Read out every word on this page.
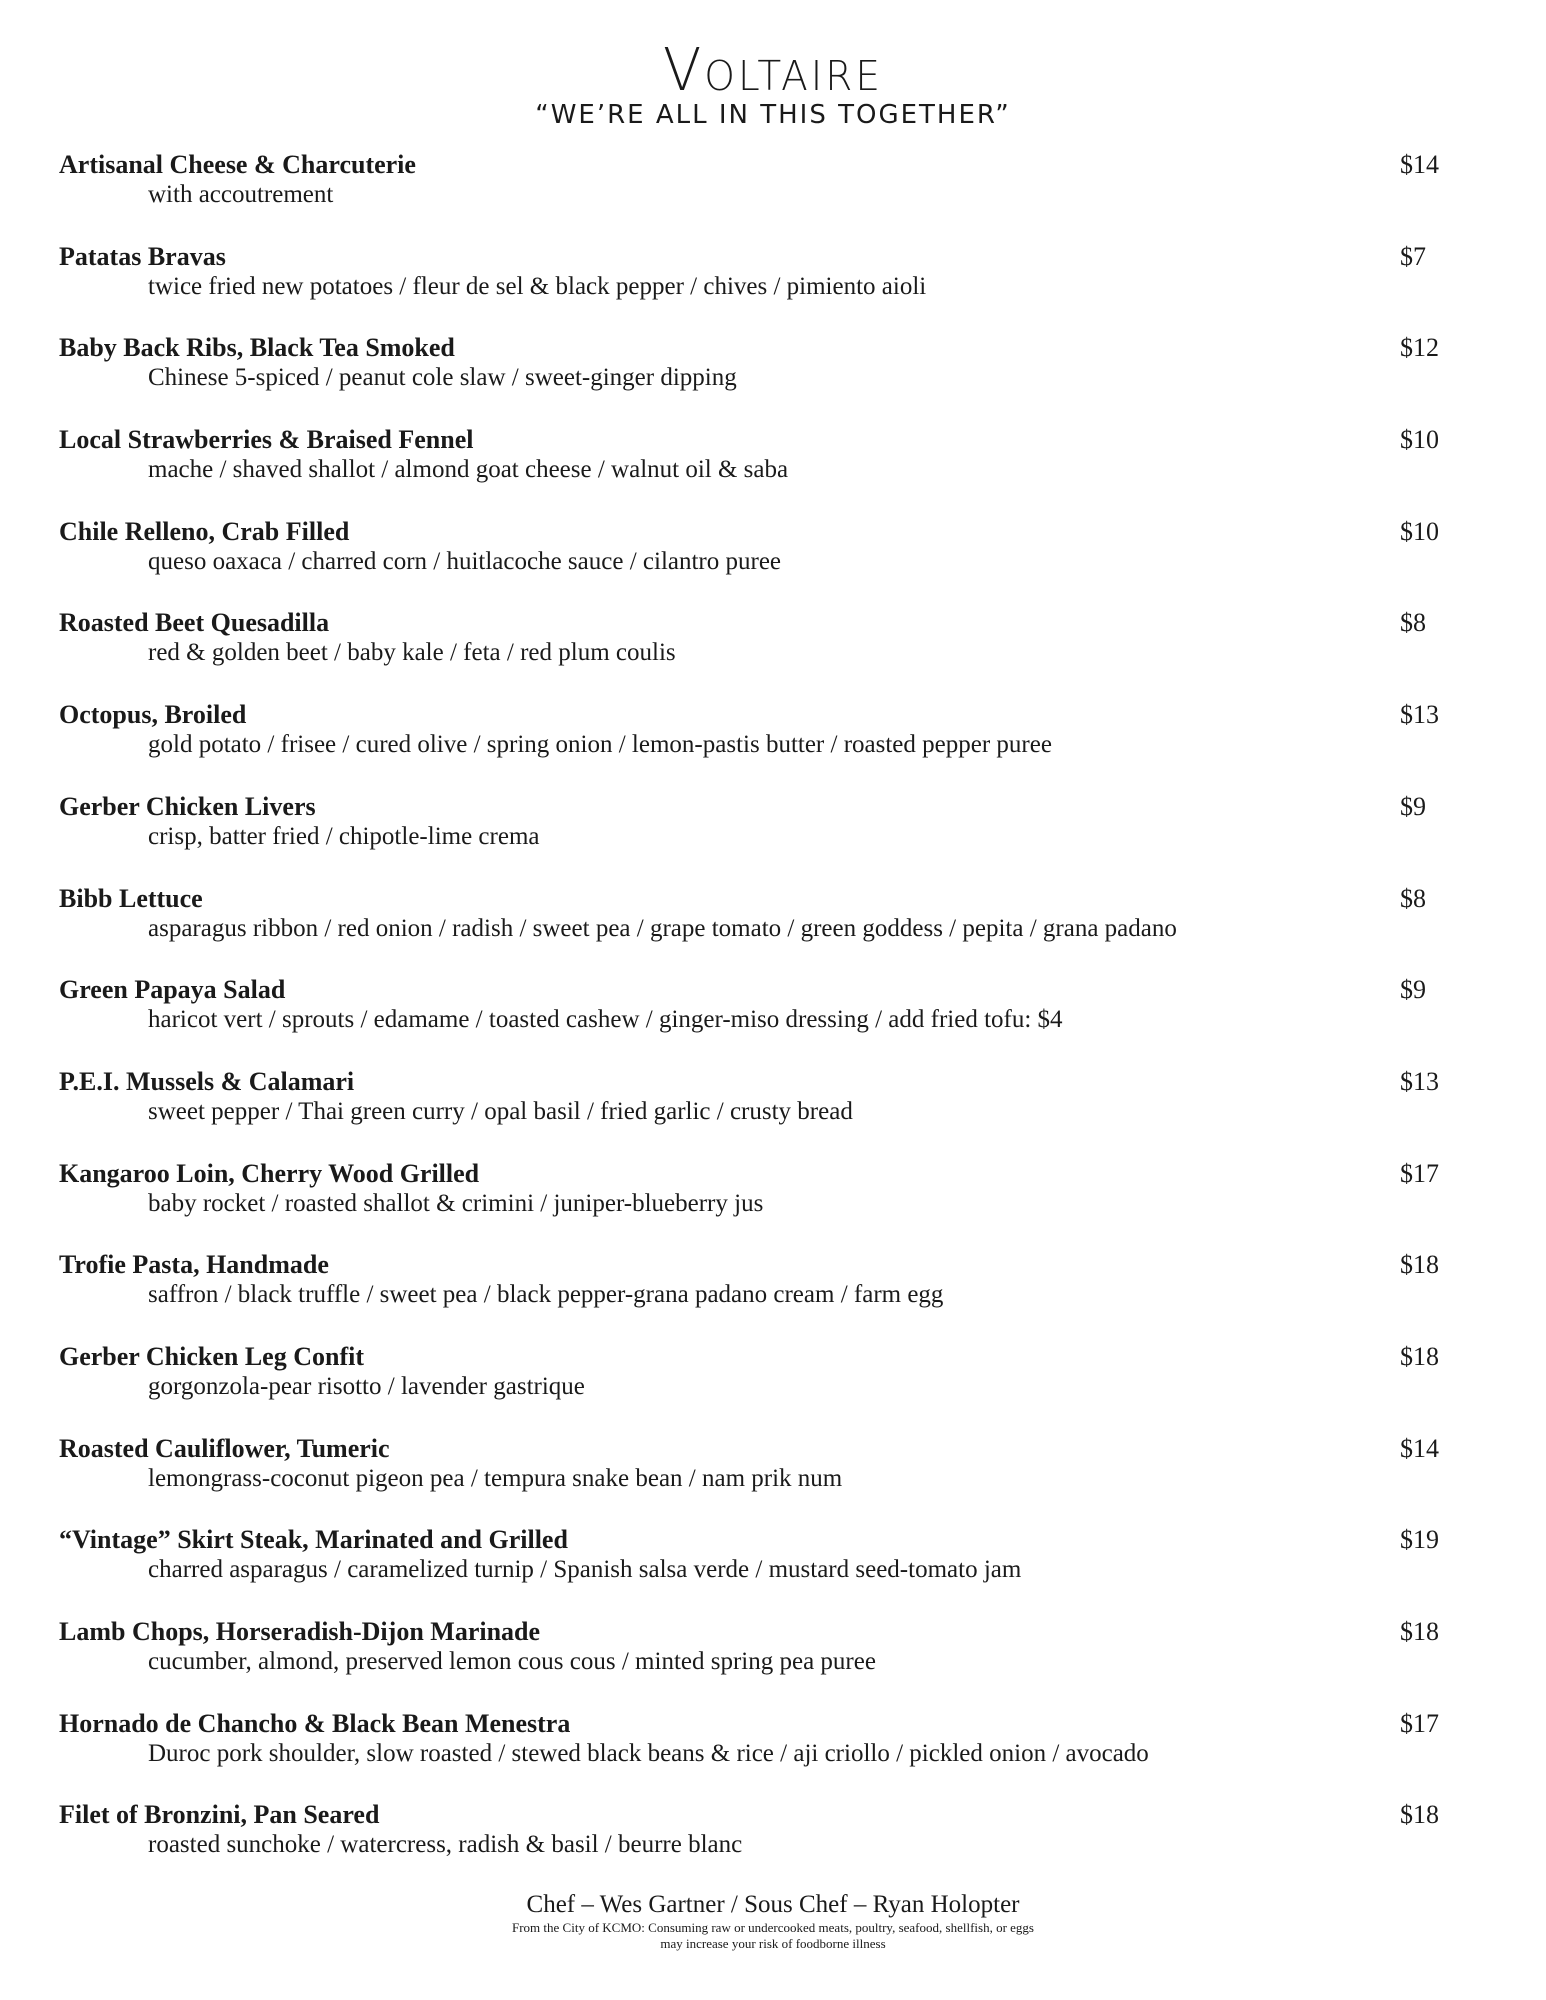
Voltaire
“WE’RE ALL IN THIS TOGETHER”
Artisanal Cheese & Charcuterie
with accoutrement
$14
Patatas Bravas
twice fried new potatoes / fleur de sel & black pepper / chives / pimiento aioli
$7
Baby Back Ribs, Black Tea Smoked
Chinese 5-spiced / peanut cole slaw / sweet-ginger dipping
$12
Local Strawberries & Braised Fennel
mache / shaved shallot / almond goat cheese / walnut oil & saba
$10
Chile Relleno, Crab Filled
queso oaxaca / charred corn / huitlacoche sauce / cilantro puree
$10
Roasted Beet Quesadilla
red & golden beet / baby kale / feta / red plum coulis
$8
Octopus, Broiled
gold potato / frisee / cured olive / spring onion / lemon-pastis butter / roasted pepper puree
$13
Gerber Chicken Livers
crisp, batter fried / chipotle-lime crema
$9
Bibb Lettuce
asparagus ribbon / red onion / radish / sweet pea / grape tomato / green goddess / pepita / grana padano
$8
Green Papaya Salad
haricot vert / sprouts / edamame / toasted cashew / ginger-miso dressing / add fried tofu: $4
$9
P.E.I. Mussels & Calamari
sweet pepper / Thai green curry / opal basil / fried garlic / crusty bread
$13
Kangaroo Loin, Cherry Wood Grilled
baby rocket / roasted shallot & crimini / juniper-blueberry jus
$17
Trofie Pasta, Handmade
saffron / black truffle / sweet pea / black pepper-grana padano cream / farm egg
$18
Gerber Chicken Leg Confit
gorgonzola-pear risotto / lavender gastrique
$18
Roasted Cauliflower, Tumeric
lemongrass-coconut pigeon pea / tempura snake bean / nam prik num
$14
“Vintage” Skirt Steak, Marinated and Grilled
charred asparagus / caramelized turnip / Spanish salsa verde / mustard seed-tomato jam
$19
Lamb Chops, Horseradish-Dijon Marinade
cucumber, almond, preserved lemon cous cous / minted spring pea puree
$18
Hornado de Chancho & Black Bean Menestra
Duroc pork shoulder, slow roasted / stewed black beans & rice / aji criollo / pickled onion / avocado
$17
Filet of Bronzini, Pan Seared
roasted sunchoke / watercress, radish & basil / beurre blanc
$18
Chef – Wes Gartner / Sous Chef – Ryan Holopter
From the City of KCMO: Consuming raw or undercooked meats, poultry, seafood, shellfish, or eggs
may increase your risk of foodborne illness
